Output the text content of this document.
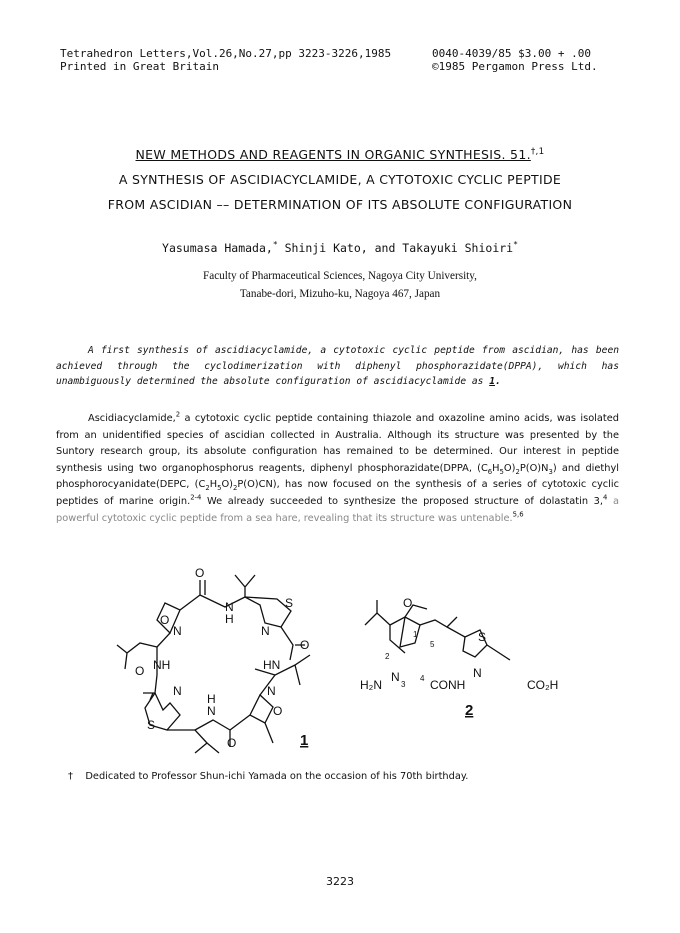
Tetrahedron Letters,Vol.26,No.27,pp 3223-3226,1985
Printed in Great Britain
0040-4039/85 $3.00 + .00
©1985 Pergamon Press Ltd.
NEW METHODS AND REAGENTS IN ORGANIC SYNTHESIS. 51.$^{\dagger,1}$
A SYNTHESIS OF ASCIDIACYCLAMIDE, A CYTOTOXIC CYCLIC PEPTIDE
FROM ASCIDIAN –– DETERMINATION OF ITS ABSOLUTE CONFIGURATION
Yasumasa Hamada,* Shinji Kato, and Takayuki Shioiri*
Faculty of Pharmaceutical Sciences, Nagoya City University,
Tanabe-dori, Mizuho-ku, Nagoya 467, Japan
A first synthesis of ascidiacyclamide, a cytotoxic cyclic peptide from ascidian, has been achieved through the cyclodimerization with diphenyl phosphorazidate(DPPA), which has unambiguously determined the absolute configuration of ascidiacyclamide as 1.
Ascidiacyclamide,$^2$ a cytotoxic cyclic peptide containing thiazole and oxazoline amino acids, was isolated from an unidentified species of ascidian collected in Australia. Although its structure was presented by the Suntory research group, its absolute configuration has remained to be determined. Our interest in peptide synthesis using two organophosphorus reagents, diphenyl phosphorazidate(DPPA, $(C_6H_5O)_2P(O)N_3$) and diethyl phosphorocyanidate(DEPC, $(C_2H_5O)_2P(O)CN$), has now focused on the synthesis of a series of cytotoxic cyclic peptides of marine origin.$^{2-4}$ We already succeeded to synthesize the proposed structure of dolastatin 3,$^4$ a powerful cytotoxic cyclic peptide from a sea hare, revealing that its structure was untenable.$^{5,6}$
O
O
N
H
S
N
N
O
NH	HN
O
N	N
S
H
N	O
O
O
H₂N
N
CONH
S
N
CO₂H
1
2
3
4
5
1
2
† Dedicated to Professor Shun-ichi Yamada on the occasion of his 70th birthday.
3223
